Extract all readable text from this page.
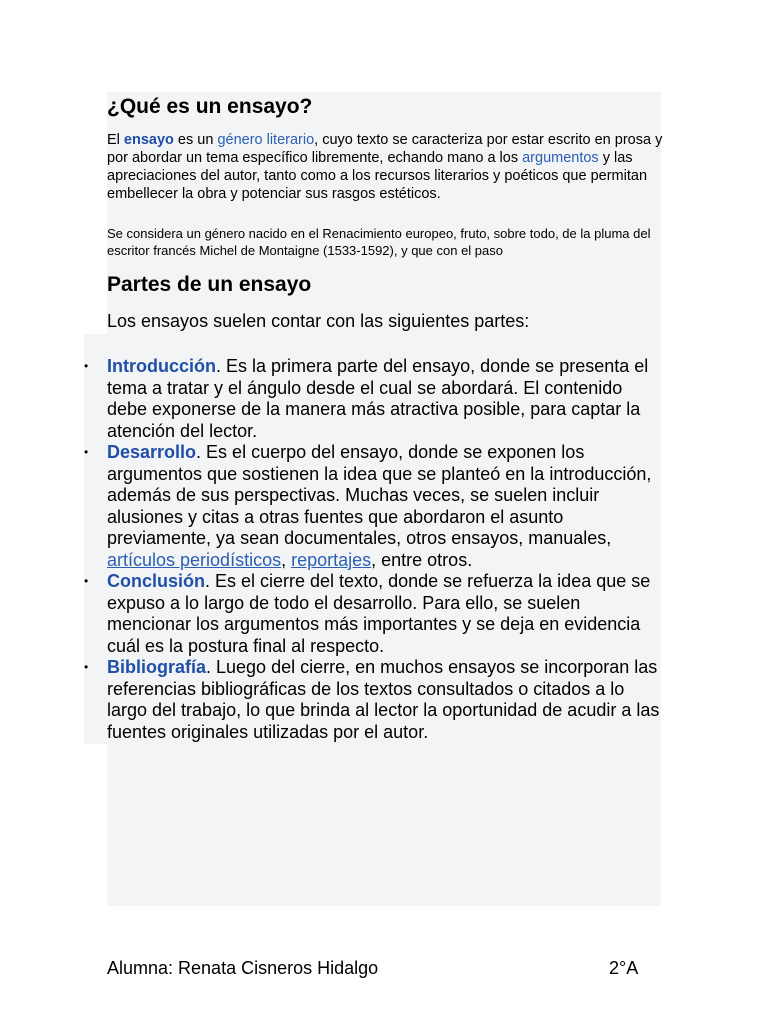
¿Qué es un ensayo?

El ensayo es un género literario, cuyo texto se caracteriza por estar escrito en prosa y por abordar un tema específico libremente, echando mano a los argumentos y las apreciaciones del autor, tanto como a los recursos literarios y poéticos que permitan embellecer la obra y potenciar sus rasgos estéticos.

Se considera un género nacido en el Renacimiento europeo, fruto, sobre todo, de la pluma del escritor francés Michel de Montaigne (1533-1592), y que con el paso

Partes de un ensayo

Los ensayos suelen contar con las siguientes partes:

• Introducción. Es la primera parte del ensayo, donde se presenta el tema a tratar y el ángulo desde el cual se abordará. El contenido debe exponerse de la manera más atractiva posible, para captar la atención del lector.
• Desarrollo. Es el cuerpo del ensayo, donde se exponen los argumentos que sostienen la idea que se planteó en la introducción, además de sus perspectivas. Muchas veces, se suelen incluir alusiones y citas a otras fuentes que abordaron el asunto previamente, ya sean documentales, otros ensayos, manuales, artículos periodísticos, reportajes, entre otros.
• Conclusión. Es el cierre del texto, donde se refuerza la idea que se expuso a lo largo de todo el desarrollo. Para ello, se suelen mencionar los argumentos más importantes y se deja en evidencia cuál es la postura final al respecto.
• Bibliografía. Luego del cierre, en muchos ensayos se incorporan las referencias bibliográficas de los textos consultados o citados a lo largo del trabajo, lo que brinda al lector la oportunidad de acudir a las fuentes originales utilizadas por el autor.
Alumna: Renata Cisneros Hidalgo	2°A
